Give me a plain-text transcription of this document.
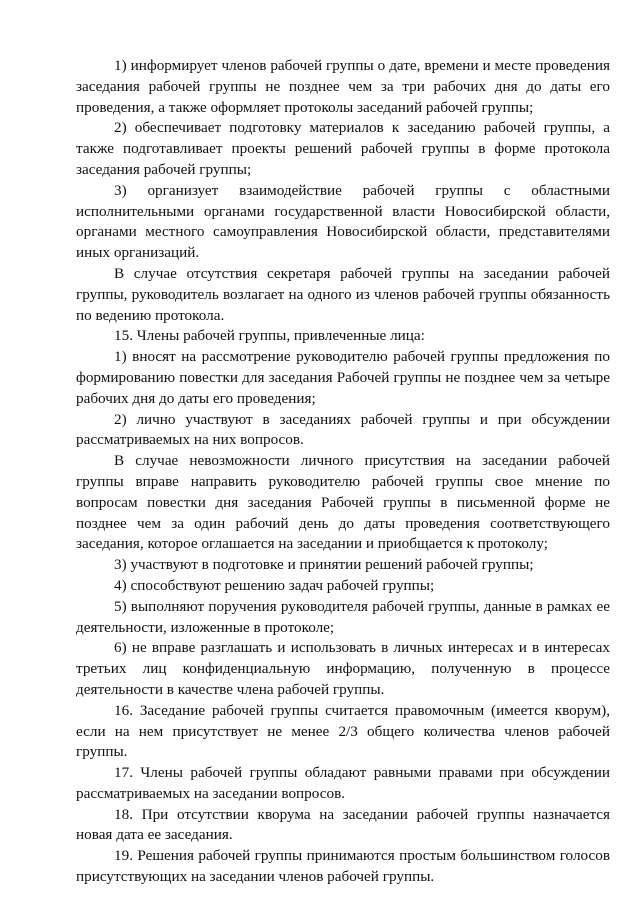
1) информирует членов рабочей группы о дате, времени и месте проведения заседания рабочей группы не позднее чем за три рабочих дня до даты его проведения, а также оформляет протоколы заседаний рабочей группы;

2) обеспечивает подготовку материалов к заседанию рабочей группы, а также подготавливает проекты решений рабочей группы в форме протокола заседания рабочей группы;

3) организует взаимодействие рабочей группы с областными исполнительными органами государственной власти Новосибирской области, органами местного самоуправления Новосибирской области, представителями иных организаций.

В случае отсутствия секретаря рабочей группы на заседании рабочей группы, руководитель возлагает на одного из членов рабочей группы обязанность по ведению протокола.

15. Члены рабочей группы, привлеченные лица:

1) вносят на рассмотрение руководителю рабочей группы предложения по формированию повестки для заседания Рабочей группы не позднее чем за четыре рабочих дня до даты его проведения;

2) лично участвуют в заседаниях рабочей группы и при обсуждении рассматриваемых на них вопросов.

В случае невозможности личного присутствия на заседании рабочей группы вправе направить руководителю рабочей группы свое мнение по вопросам повестки дня заседания Рабочей группы в письменной форме не позднее чем за один рабочий день до даты проведения соответствующего заседания, которое оглашается на заседании и приобщается к протоколу;

3) участвуют в подготовке и принятии решений рабочей группы;

4) способствуют решению задач рабочей группы;

5) выполняют поручения руководителя рабочей группы, данные в рамках ее деятельности, изложенные в протоколе;

6) не вправе разглашать и использовать в личных интересах и в интересах третьих лиц конфиденциальную информацию, полученную в процессе деятельности в качестве члена рабочей группы.

16. Заседание рабочей группы считается правомочным (имеется кворум), если на нем присутствует не менее 2/3 общего количества членов рабочей группы.

17. Члены рабочей группы обладают равными правами при обсуждении рассматриваемых на заседании вопросов.

18. При отсутствии кворума на заседании рабочей группы назначается новая дата ее заседания.

19. Решения рабочей группы принимаются простым большинством голосов присутствующих на заседании членов рабочей группы.
